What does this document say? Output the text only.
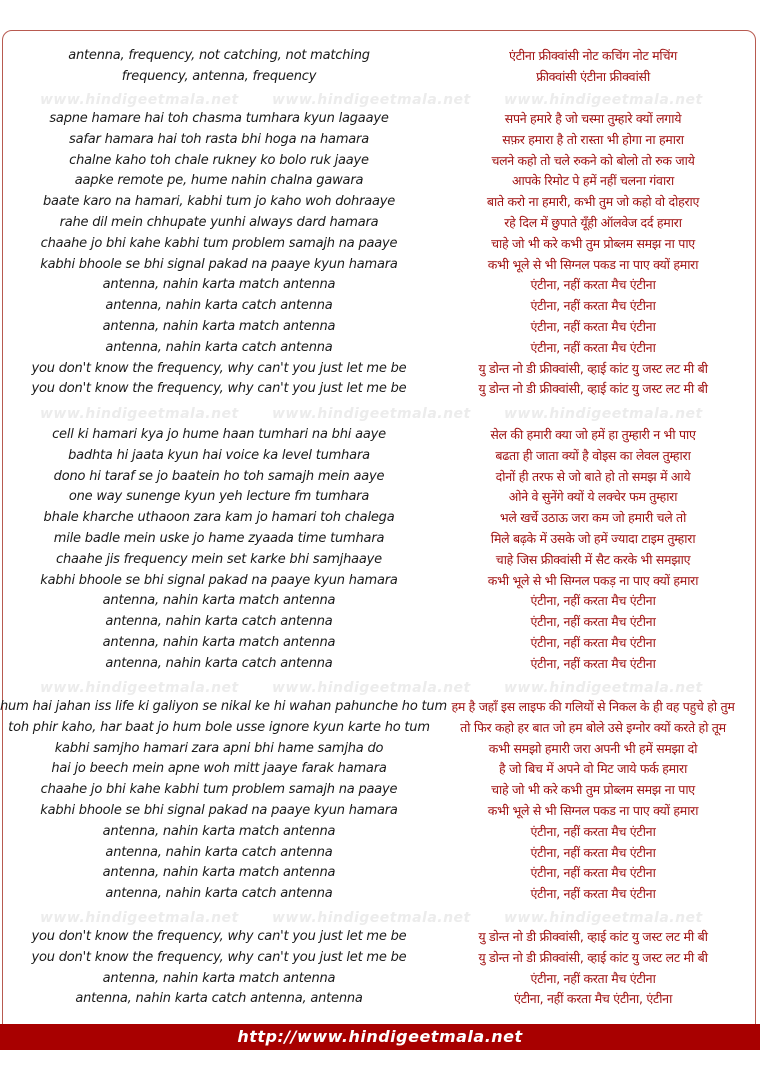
www.hindigeetmala.net www.hindigeetmala.net www.hindigeetmala.net
www.hindigeetmala.net www.hindigeetmala.net www.hindigeetmala.net
www.hindigeetmala.net www.hindigeetmala.net www.hindigeetmala.net
www.hindigeetmala.net www.hindigeetmala.net www.hindigeetmala.net
antenna, frequency, not catching, not matching	एंटीना फ्रीक्वांसी नोट कचिंग नोट मचिंग
frequency, antenna, frequency	फ्रीक्वांसी एंटीना फ्रीक्वांसी
sapne hamare hai toh chasma tumhara kyun lagaaye	सपने हमारे है जो चस्मा तुम्हारे क्यों लगाये
safar hamara hai toh rasta bhi hoga na hamara	सफ़र हमारा है तो रास्ता भी होगा ना हमारा
chalne kaho toh chale rukney ko bolo ruk jaaye	चलने कहो तो चले रुकने को बोलो तो रुक जाये
aapke remote pe, hume nahin chalna gawara	आपके रिमोट पे हमें नहीं चलना गंवारा
baate karo na hamari, kabhi tum jo kaho woh dohraaye	बाते करो ना हमारी, कभी तुम जो कहो वो दोहराए
rahe dil mein chhupate yunhi always dard hamara	रहे दिल में छुपाते यूँही ऑलवेज दर्द हमारा
chaahe jo bhi kahe kabhi tum problem samajh na paaye	चाहे जो भी करे कभी तुम प्रोब्लम समझ ना पाए
kabhi bhoole se bhi signal pakad na paaye kyun hamara	कभी भूले से भी सिग्नल पकड ना पाए क्यों हमारा
antenna, nahin karta match antenna	एंटीना, नहीं करता मैच एंटीना
antenna, nahin karta catch antenna	एंटीना, नहीं करता मैच एंटीना
antenna, nahin karta match antenna	एंटीना, नहीं करता मैच एंटीना
antenna, nahin karta catch antenna	एंटीना, नहीं करता मैच एंटीना
you don't know the frequency, why can't you just let me be	यु डोन्त नो डी फ्रीक्वांसी, व्हाई कांट यु जस्ट लट मी बी
you don't know the frequency, why can't you just let me be	यु डोन्त नो डी फ्रीक्वांसी, व्हाई कांट यु जस्ट लट मी बी
cell ki hamari kya jo hume haan tumhari na bhi aaye	सेल की हमारी क्या जो हमें हा तुम्हारी न भी पाए
badhta hi jaata kyun hai voice ka level tumhara	बढता ही जाता क्यों है वोइस का लेवल तुम्हारा
dono hi taraf se jo baatein ho toh samajh mein aaye	दोनों ही तरफ से जो बाते हो तो समझ में आये
one way sunenge kyun yeh lecture fm tumhara	ओने वे सुनेंगे क्यों ये लक्चेर फम तुम्हारा
bhale kharche uthaoon zara kam jo hamari toh chalega	भले खर्चे उठाऊ जरा कम जो हमारी चले तो
mile badle mein uske jo hame zyaada time tumhara	मिले बढ़के में उसके जो हमें ज्यादा टाइम तुम्हारा
chaahe jis frequency mein set karke bhi samjhaaye	चाहे जिस फ्रीक्वांसी में सैट करके भी समझाए
kabhi bhoole se bhi signal pakad na paaye kyun hamara	कभी भूले से भी सिग्नल पकड़ ना पाए क्यों हमारा
antenna, nahin karta match antenna	एंटीना, नहीं करता मैच एंटीना
antenna, nahin karta catch antenna	एंटीना, नहीं करता मैच एंटीना
antenna, nahin karta match antenna	एंटीना, नहीं करता मैच एंटीना
antenna, nahin karta catch antenna	एंटीना, नहीं करता मैच एंटीना
hum hai jahan iss life ki galiyon se nikal ke hi wahan pahunche ho tum हम है जहाँ इस लाइफ की गलियों से निकल के ही वह पहुचे हो तुम
toh phir kaho, har baat jo hum bole usse ignore kyun karte ho tum	तो फिर कहो हर बात जो हम बोले उसे इग्नोर क्यों करते हो तूम
kabhi samjho hamari zara apni bhi hame samjha do	कभी समझो हमारी जरा अपनी भी हमें समझा दो
hai jo beech mein apne woh mitt jaaye farak hamara	है जो बिच में अपने वो मिट जाये फर्क हमारा
chaahe jo bhi kahe kabhi tum problem samajh na paaye	चाहे जो भी करे कभी तुम प्रोब्लम समझ ना पाए
kabhi bhoole se bhi signal pakad na paaye kyun hamara	कभी भूले से भी सिग्नल पकड ना पाए क्यों हमारा
antenna, nahin karta match antenna	एंटीना, नहीं करता मैच एंटीना
antenna, nahin karta catch antenna	एंटीना, नहीं करता मैच एंटीना
antenna, nahin karta match antenna	एंटीना, नहीं करता मैच एंटीना
antenna, nahin karta catch antenna	एंटीना, नहीं करता मैच एंटीना
you don't know the frequency, why can't you just let me be	यु डोन्त नो डी फ्रीक्वांसी, व्हाई कांट यु जस्ट लट मी बी
you don't know the frequency, why can't you just let me be	यु डोन्त नो डी फ्रीक्वांसी, व्हाई कांट यु जस्ट लट मी बी
antenna, nahin karta match antenna	एंटीना, नहीं करता मैच एंटीना
antenna, nahin karta catch antenna, antenna	एंटीना, नहीं करता मैच एंटीना, एंटीना
http://www.hindigeetmala.net
